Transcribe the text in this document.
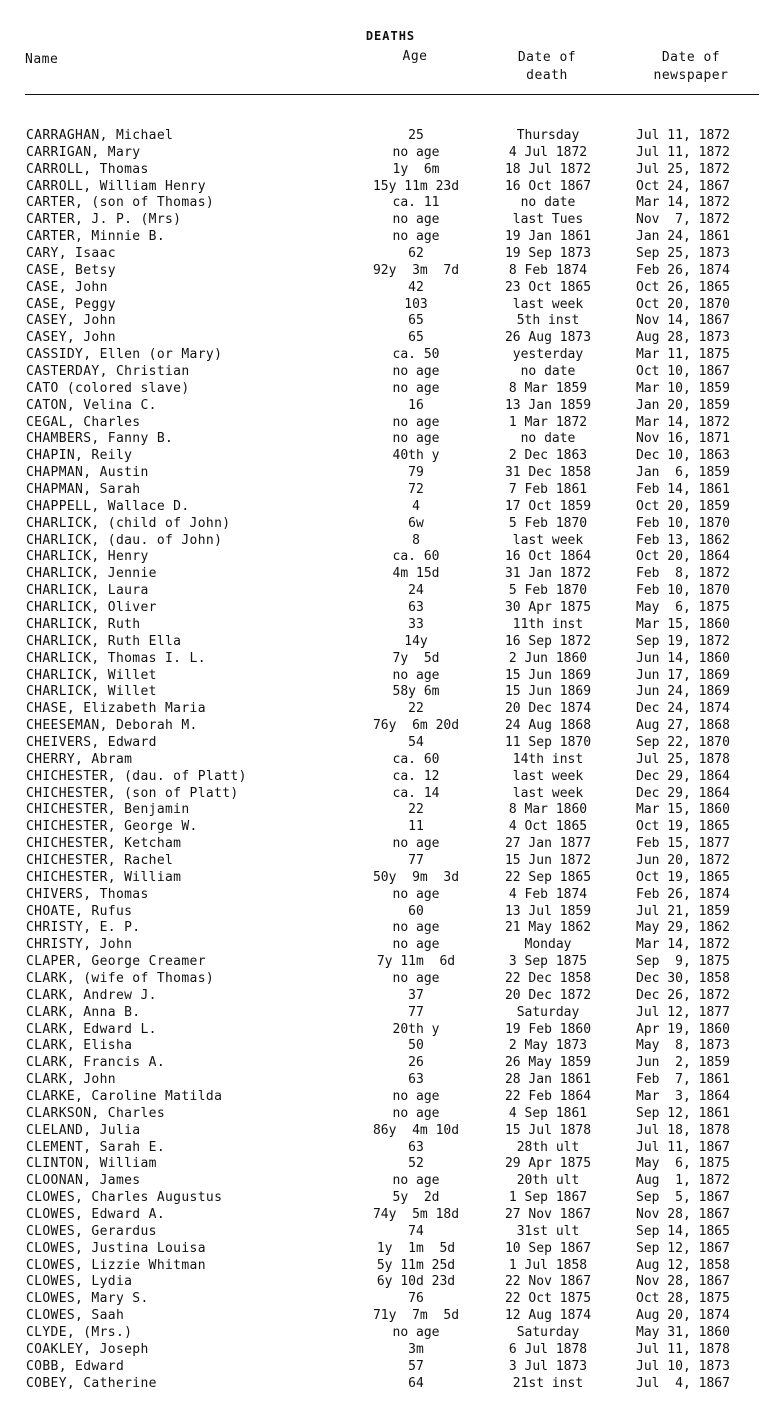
DEATHS
Name	Age	Date of
death
Date of
newspaper
CARRAGHAN, Michael	25	Thursday	Jul 11, 1872
CARRIGAN, Mary	no age	4 Jul 1872	Jul 11, 1872
CARROLL, Thomas	1y  6m	18 Jul 1872	Jul 25, 1872
CARROLL, William Henry	15y 11m 23d	16 Oct 1867	Oct 24, 1867
CARTER, (son of Thomas)	ca. 11	no date	Mar 14, 1872
CARTER, J. P. (Mrs)	no age	last Tues	Nov  7, 1872
CARTER, Minnie B.	no age	19 Jan 1861	Jan 24, 1861
CARY, Isaac	62	19 Sep 1873	Sep 25, 1873
CASE, Betsy	92y  3m  7d	8 Feb 1874	Feb 26, 1874
CASE, John	42	23 Oct 1865	Oct 26, 1865
CASE, Peggy	103	last week	Oct 20, 1870
CASEY, John	65	5th inst	Nov 14, 1867
CASEY, John	65	26 Aug 1873	Aug 28, 1873
CASSIDY, Ellen (or Mary)	ca. 50	yesterday	Mar 11, 1875
CASTERDAY, Christian	no age	no date	Oct 10, 1867
CATO (colored slave)	no age	8 Mar 1859	Mar 10, 1859
CATON, Velina C.	16	13 Jan 1859	Jan 20, 1859
CEGAL, Charles	no age	1 Mar 1872	Mar 14, 1872
CHAMBERS, Fanny B.	no age	no date	Nov 16, 1871
CHAPIN, Reily	40th y	2 Dec 1863	Dec 10, 1863
CHAPMAN, Austin	79	31 Dec 1858	Jan  6, 1859
CHAPMAN, Sarah	72	7 Feb 1861	Feb 14, 1861
CHAPPELL, Wallace D.	4	17 Oct 1859	Oct 20, 1859
CHARLICK, (child of John)	6w	5 Feb 1870	Feb 10, 1870
CHARLICK, (dau. of John)	8	last week	Feb 13, 1862
CHARLICK, Henry	ca. 60	16 Oct 1864	Oct 20, 1864
CHARLICK, Jennie	4m 15d	31 Jan 1872	Feb  8, 1872
CHARLICK, Laura	24	5 Feb 1870	Feb 10, 1870
CHARLICK, Oliver	63	30 Apr 1875	May  6, 1875
CHARLICK, Ruth	33	11th inst	Mar 15, 1860
CHARLICK, Ruth Ella	14y	16 Sep 1872	Sep 19, 1872
CHARLICK, Thomas I. L.	7y  5d	2 Jun 1860	Jun 14, 1860
CHARLICK, Willet	no age	15 Jun 1869	Jun 17, 1869
CHARLICK, Willet	58y 6m	15 Jun 1869	Jun 24, 1869
CHASE, Elizabeth Maria	22	20 Dec 1874	Dec 24, 1874
CHEESEMAN, Deborah M.	76y  6m 20d	24 Aug 1868	Aug 27, 1868
CHEIVERS, Edward	54	11 Sep 1870	Sep 22, 1870
CHERRY, Abram	ca. 60	14th inst	Jul 25, 1878
CHICHESTER, (dau. of Platt)	ca. 12	last week	Dec 29, 1864
CHICHESTER, (son of Platt)	ca. 14	last week	Dec 29, 1864
CHICHESTER, Benjamin	22	8 Mar 1860	Mar 15, 1860
CHICHESTER, George W.	11	4 Oct 1865	Oct 19, 1865
CHICHESTER, Ketcham	no age	27 Jan 1877	Feb 15, 1877
CHICHESTER, Rachel	77	15 Jun 1872	Jun 20, 1872
CHICHESTER, William	50y  9m  3d	22 Sep 1865	Oct 19, 1865
CHIVERS, Thomas	no age	4 Feb 1874	Feb 26, 1874
CHOATE, Rufus	60	13 Jul 1859	Jul 21, 1859
CHRISTY, E. P.	no age	21 May 1862	May 29, 1862
CHRISTY, John	no age	Monday	Mar 14, 1872
CLAPER, George Creamer	7y 11m  6d	3 Sep 1875	Sep  9, 1875
CLARK, (wife of Thomas)	no age	22 Dec 1858	Dec 30, 1858
CLARK, Andrew J.	37	20 Dec 1872	Dec 26, 1872
CLARK, Anna B.	77	Saturday	Jul 12, 1877
CLARK, Edward L.	20th y	19 Feb 1860	Apr 19, 1860
CLARK, Elisha	50	2 May 1873	May  8, 1873
CLARK, Francis A.	26	26 May 1859	Jun  2, 1859
CLARK, John	63	28 Jan 1861	Feb  7, 1861
CLARKE, Caroline Matilda	no age	22 Feb 1864	Mar  3, 1864
CLARKSON, Charles	no age	4 Sep 1861	Sep 12, 1861
CLELAND, Julia	86y  4m 10d	15 Jul 1878	Jul 18, 1878
CLEMENT, Sarah E.	63	28th ult	Jul 11, 1867
CLINTON, William	52	29 Apr 1875	May  6, 1875
CLOONAN, James	no age	20th ult	Aug  1, 1872
CLOWES, Charles Augustus	5y  2d	1 Sep 1867	Sep  5, 1867
CLOWES, Edward A.	74y  5m 18d	27 Nov 1867	Nov 28, 1867
CLOWES, Gerardus	74	31st ult	Sep 14, 1865
CLOWES, Justina Louisa	1y  1m  5d	10 Sep 1867	Sep 12, 1867
CLOWES, Lizzie Whitman	5y 11m 25d	1 Jul 1858	Aug 12, 1858
CLOWES, Lydia	6y 10d 23d	22 Nov 1867	Nov 28, 1867
CLOWES, Mary S.	76	22 Oct 1875	Oct 28, 1875
CLOWES, Saah	71y  7m  5d	12 Aug 1874	Aug 20, 1874
CLYDE, (Mrs.)	no age	Saturday	May 31, 1860
COAKLEY, Joseph	3m	6 Jul 1878	Jul 11, 1878
COBB, Edward	57	3 Jul 1873	Jul 10, 1873
COBEY, Catherine	64	21st inst	Jul  4, 1867
